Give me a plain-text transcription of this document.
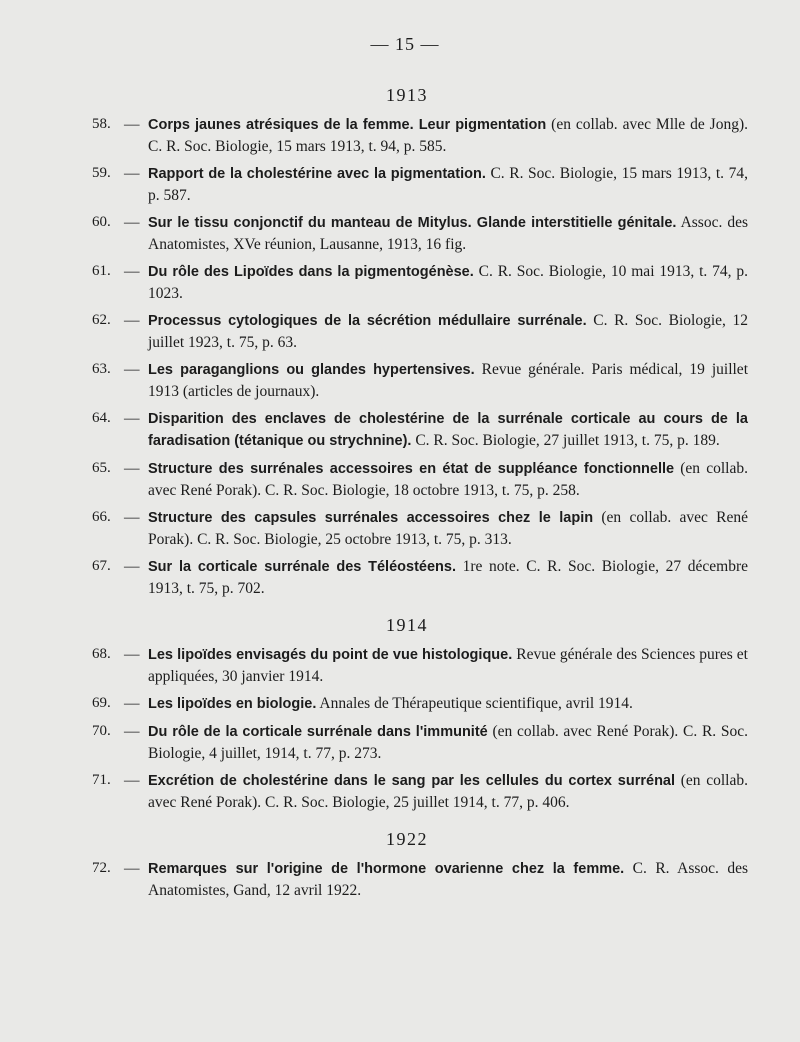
— 15 —
1913
58. — Corps jaunes atrésiques de la femme. Leur pigmentation (en collab. avec Mlle de Jong). C. R. Soc. Biologie, 15 mars 1913, t. 94, p. 585.
59. — Rapport de la cholestérine avec la pigmentation. C. R. Soc. Biologie, 15 mars 1913, t. 74, p. 587.
60. — Sur le tissu conjonctif du manteau de Mitylus. Glande interstitielle génitale. Assoc. des Anatomistes, XVe réunion, Lausanne, 1913, 16 fig.
61. — Du rôle des Lipoïdes dans la pigmentogénèse. C. R. Soc. Biologie, 10 mai 1913, t. 74, p. 1023.
62. — Processus cytologiques de la sécrétion médullaire surrénale. C. R. Soc. Biologie, 12 juillet 1923, t. 75, p. 63.
63. — Les paraganglions ou glandes hypertensives. Revue générale. Paris médical, 19 juillet 1913 (articles de journaux).
64. — Disparition des enclaves de cholestérine de la surrénale corticale au cours de la faradisation (tétanique ou strychnine). C. R. Soc. Biologie, 27 juillet 1913, t. 75, p. 189.
65. — Structure des surrénales accessoires en état de suppléance fonctionnelle (en collab. avec René Porak). C. R. Soc. Biologie, 18 octobre 1913, t. 75, p. 258.
66. — Structure des capsules surrénales accessoires chez le lapin (en collab. avec René Porak). C. R. Soc. Biologie, 25 octobre 1913, t. 75, p. 313.
67. — Sur la corticale surrénale des Téléostéens. 1re note. C. R. Soc. Biologie, 27 décembre 1913, t. 75, p. 702.
1914
68. — Les lipoïdes envisagés du point de vue histologique. Revue générale des Sciences pures et appliquées, 30 janvier 1914.
69. — Les lipoïdes en biologie. Annales de Thérapeutique scientifique, avril 1914.
70. — Du rôle de la corticale surrénale dans l'immunité (en collab. avec René Porak). C. R. Soc. Biologie, 4 juillet, 1914, t. 77, p. 273.
71. — Excrétion de cholestérine dans le sang par les cellules du cortex surrénal (en collab. avec René Porak). C. R. Soc. Biologie, 25 juillet 1914, t. 77, p. 406.
1922
72. — Remarques sur l'origine de l'hormone ovarienne chez la femme. C. R. Assoc. des Anatomistes, Gand, 12 avril 1922.
